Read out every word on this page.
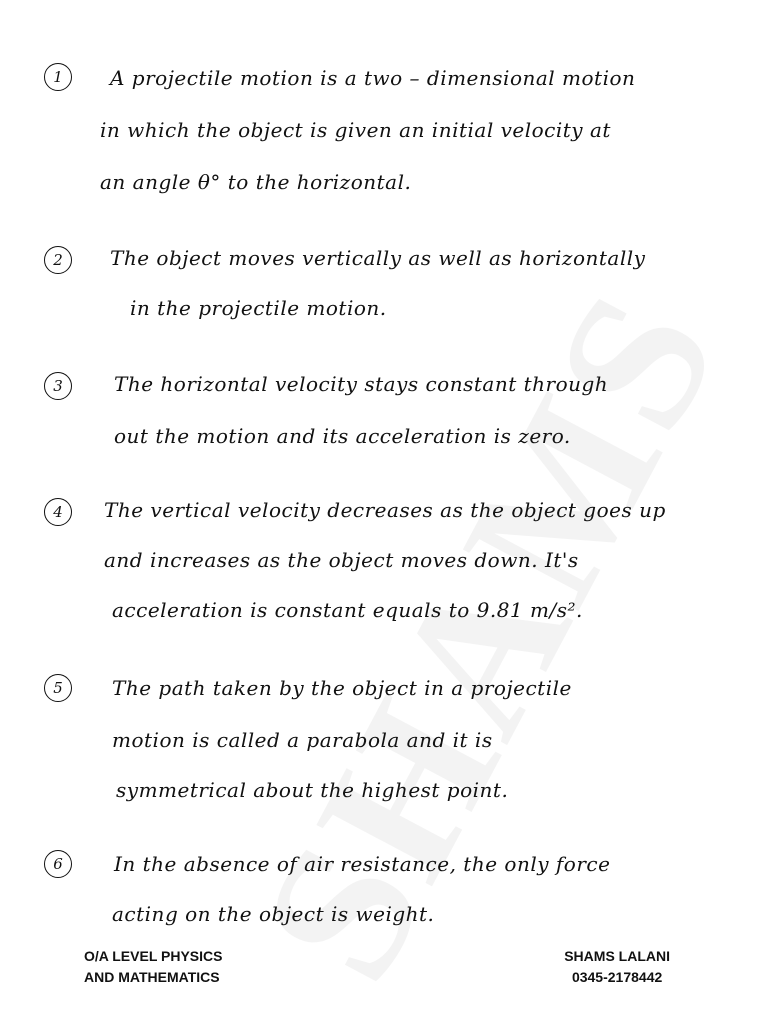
1	A projectile motion is a two – dimensional motion
in which the object is given an initial velocity at
an angle θ° to the horizontal.
2	The object moves vertically as well as horizontally
in the projectile motion.
3	The horizontal velocity stays constant through
out the motion and its acceleration is zero.
4	The vertical velocity decreases as the object goes up
and increases as the object moves down. It's
acceleration is constant equals to 9.81 m/s².
5	The path taken by the object in a projectile
motion is called a parabola and it is
symmetrical about the highest point.
6	In the absence of air resistance, the only force
acting on the object is weight.
O/A LEVEL PHYSICS
AND MATHEMATICS
SHAMS LALANI
0345-2178442
